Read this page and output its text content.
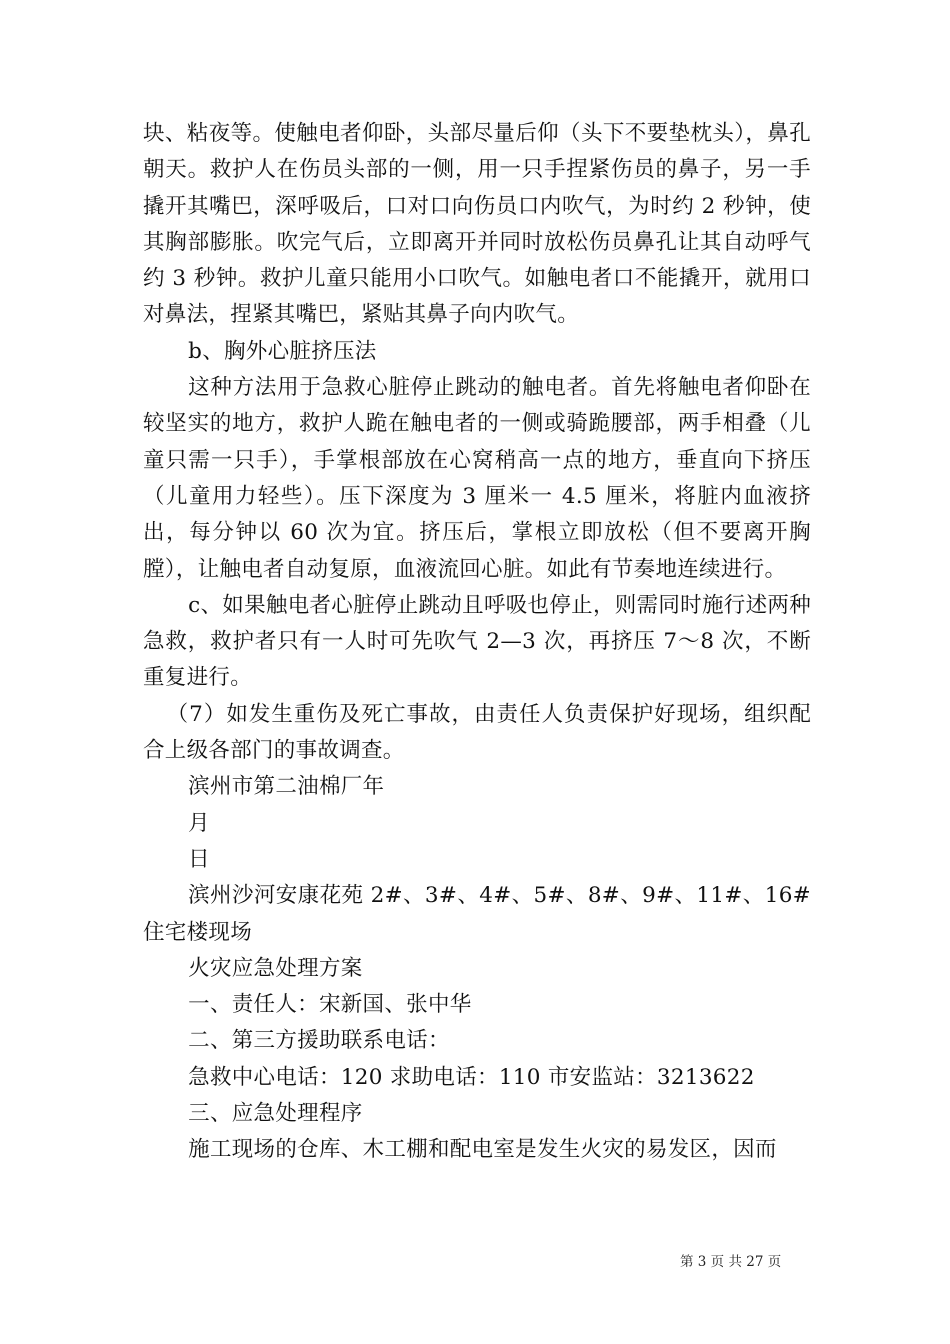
块、粘夜等。使触电者仰卧，头部尽量后仰（头下不要垫枕头），鼻孔朝天。救护人在伤员头部的一侧，用一只手捏紧伤员的鼻子，另一手撬开其嘴巴，深呼吸后，口对口向伤员口内吹气，为时约 2 秒钟，使其胸部膨胀。吹完气后，立即离开并同时放松伤员鼻孔让其自动呼气约 3 秒钟。救护儿童只能用小口吹气。如触电者口不能撬开，就用口对鼻法，捏紧其嘴巴，紧贴其鼻子向内吹气。

b、胸外心脏挤压法

这种方法用于急救心脏停止跳动的触电者。首先将触电者仰卧在较坚实的地方，救护人跪在触电者的一侧或骑跪腰部，两手相叠（儿童只需一只手），手掌根部放在心窝稍高一点的地方，垂直向下挤压（儿童用力轻些）。压下深度为 3 厘米一 4.5 厘米，将脏内血液挤出，每分钟以 60 次为宜。挤压后，掌根立即放松（但不要离开胸膛），让触电者自动复原，血液流回心脏。如此有节奏地连续进行。

c、如果触电者心脏停止跳动且呼吸也停止，则需同时施行述两种急救，救护者只有一人时可先吹气 2—3 次，再挤压 7～8 次，不断重复进行。

（7）如发生重伤及死亡事故，由责任人负责保护好现场，组织配合上级各部门的事故调查。

滨州市第二油棉厂年

月

日

滨州沙河安康花苑 2#、3#、4#、5#、8#、9#、11#、16#住宅楼现场

火灾应急处理方案

一、责任人：宋新国、张中华

二、第三方援助联系电话：

急救中心电话：120 求助电话：110 市安监站：3213622

三、应急处理程序

施工现场的仓库、木工棚和配电室是发生火灾的易发区，因而

第 3 页 共 27 页
